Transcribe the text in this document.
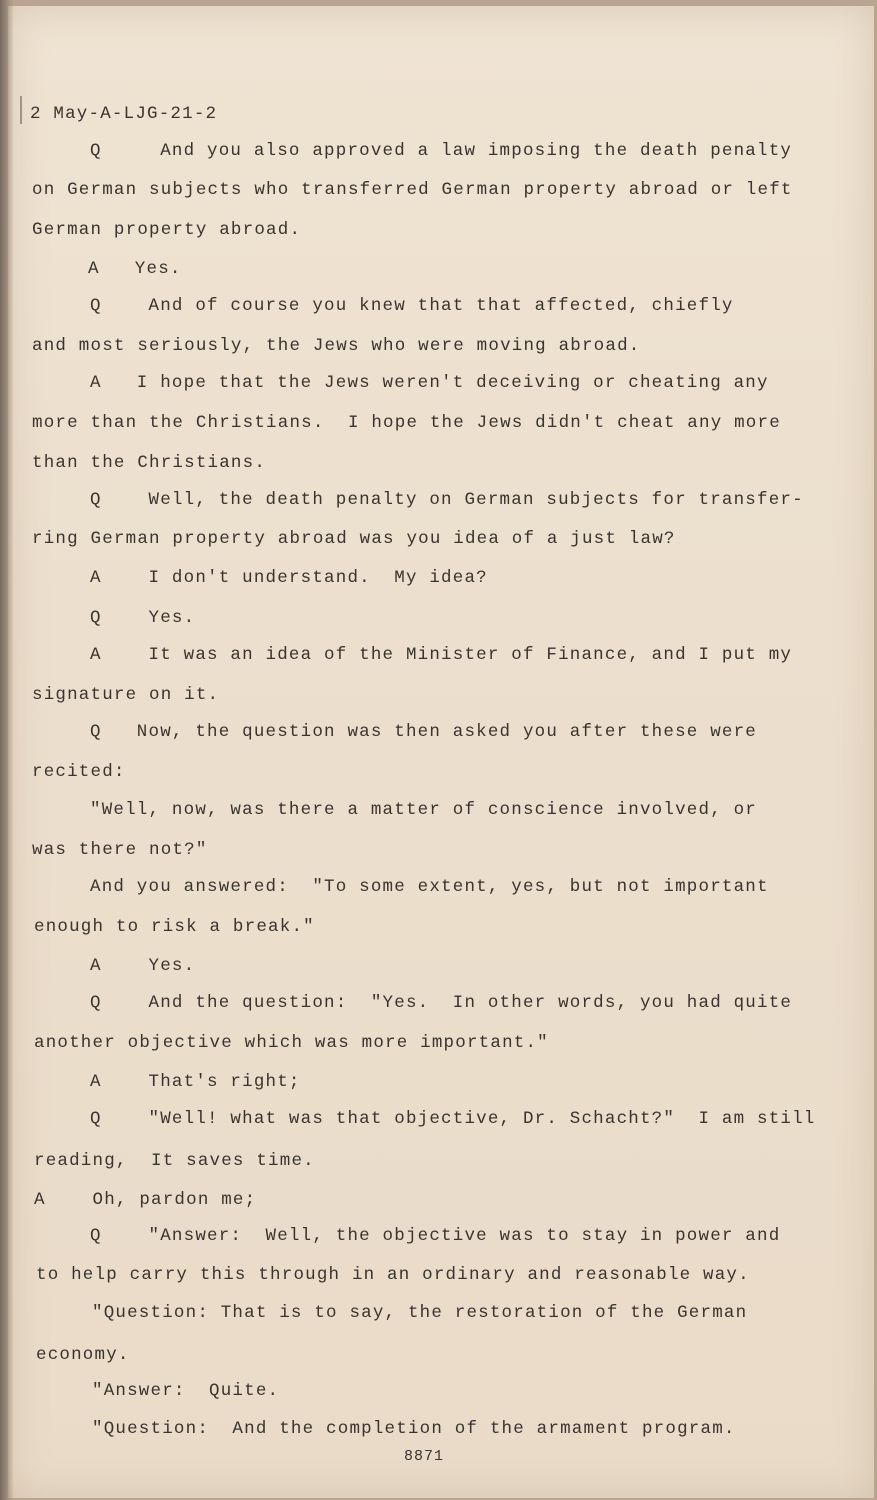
2 May-A-LJG-21-2
Q     And you also approved a law imposing the death penalty
on German subjects who transferred German property abroad or left
German property abroad.
A   Yes.
Q    And of course you knew that that affected, chiefly
and most seriously, the Jews who were moving abroad.
A   I hope that the Jews weren't deceiving or cheating any
more than the Christians.  I hope the Jews didn't cheat any more
than the Christians.
Q    Well, the death penalty on German subjects for transfer-
ring German property abroad was you idea of a just law?
A    I don't understand.  My idea?
Q    Yes.
A    It was an idea of the Minister of Finance, and I put my
signature on it.
Q   Now, the question was then asked you after these were
recited:
"Well, now, was there a matter of conscience involved, or
was there not?"
And you answered:  "To some extent, yes, but not important
enough to risk a break."
A    Yes.
Q    And the question:  "Yes.  In other words, you had quite
another objective which was more important."
A    That's right;
Q    "Well! what was that objective, Dr. Schacht?"  I am still
reading,  It saves time.
A    Oh, pardon me;
Q    "Answer:  Well, the objective was to stay in power and
to help carry this through in an ordinary and reasonable way.
"Question: That is to say, the restoration of the German
economy.
"Answer:  Quite.
"Question:  And the completion of the armament program.
8871
